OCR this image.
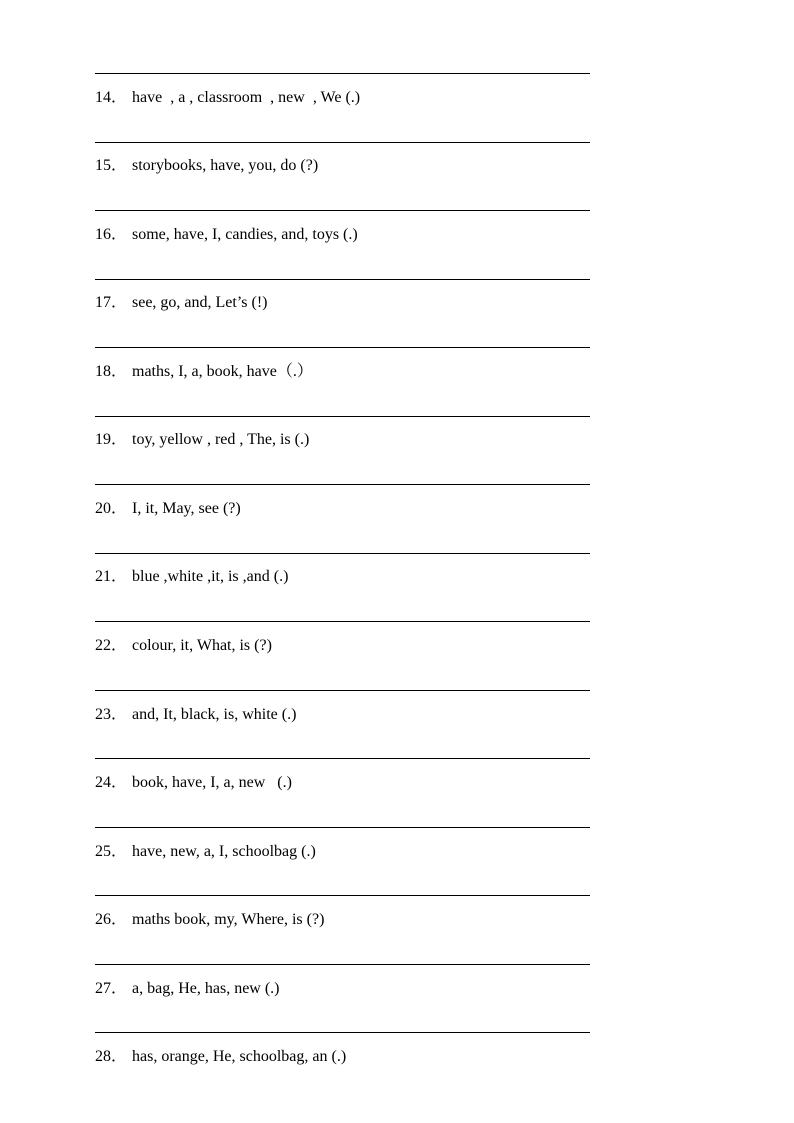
14． have  , a , classroom  , new  , We (.)
15． storybooks, have, you, do (?)
16． some, have, I, candies, and, toys (.)
17． see, go, and, Let’s (!)
18． maths, I, a, book, have（.）
19． toy, yellow , red , The, is (.)
20． I, it, May, see (?)
21． blue ,white ,it, is ,and (.)
22． colour, it, What, is (?)
23． and, It, black, is, white (.)
24． book, have, I, a, new   (.)
25． have, new, a, I, schoolbag (.)
26． maths book, my, Where, is (?)
27． a, bag, He, has, new (.)
28． has, orange, He, schoolbag, an (.)
